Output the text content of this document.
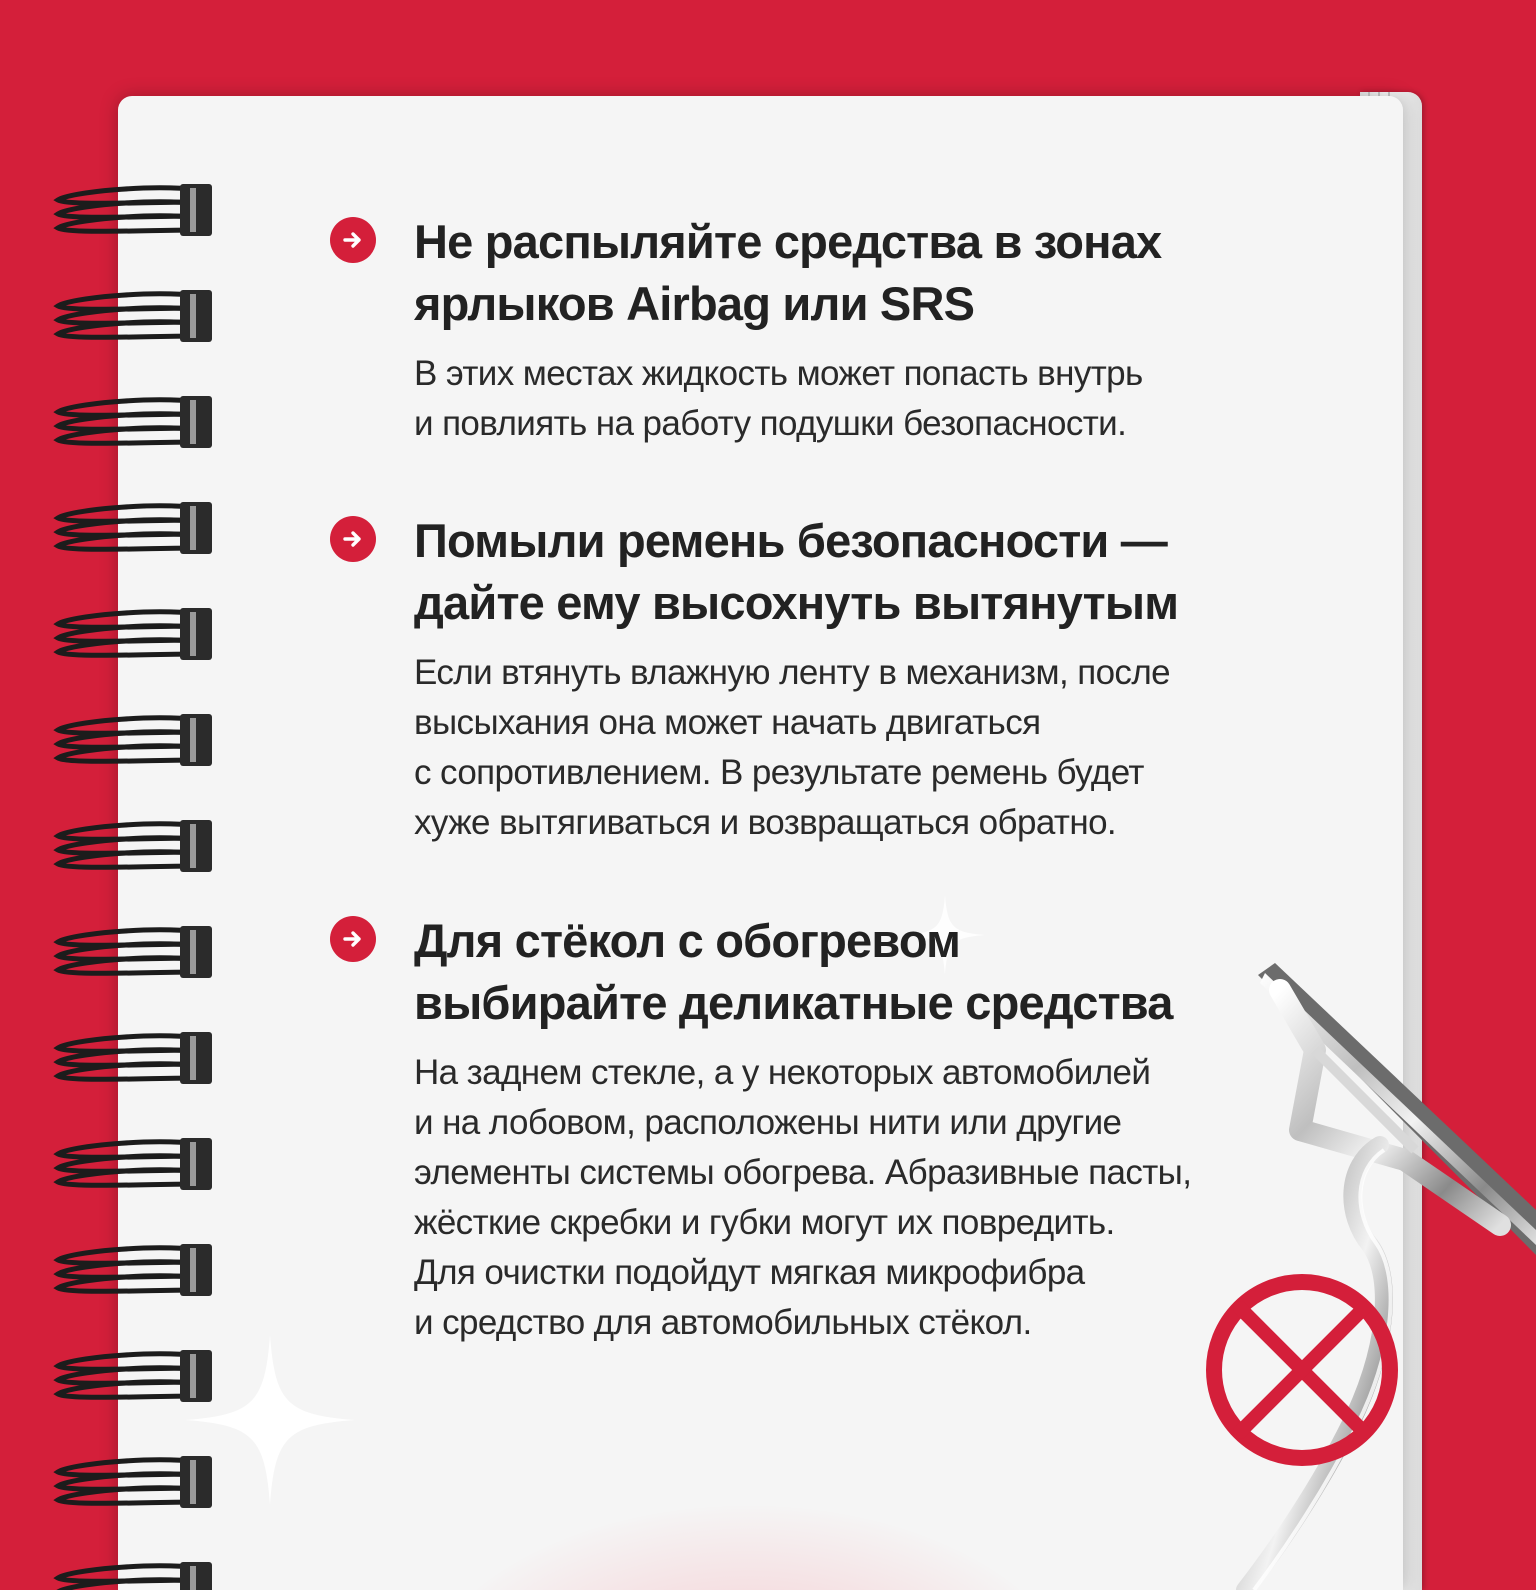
Не распыляйте средства в зонах
ярлыков Airbag или SRS
В этих местах жидкость может попасть внутрь
и повлиять на работу подушки безопасности.
Помыли ремень безопасности —
дайте ему высохнуть вытянутым
Если втянуть влажную ленту в механизм, после
высыхания она может начать двигаться
с сопротивлением. В результате ремень будет
хуже вытягиваться и возвращаться обратно.
Для стёкол с обогревом
выбирайте деликатные средства
На заднем стекле, а у некоторых автомобилей
и на лобовом, расположены нити или другие
элементы системы обогрева. Абразивные пасты,
жёсткие скребки и губки могут их повредить.
Для очистки подойдут мягкая микрофибра
и средство для автомобильных стёкол.
